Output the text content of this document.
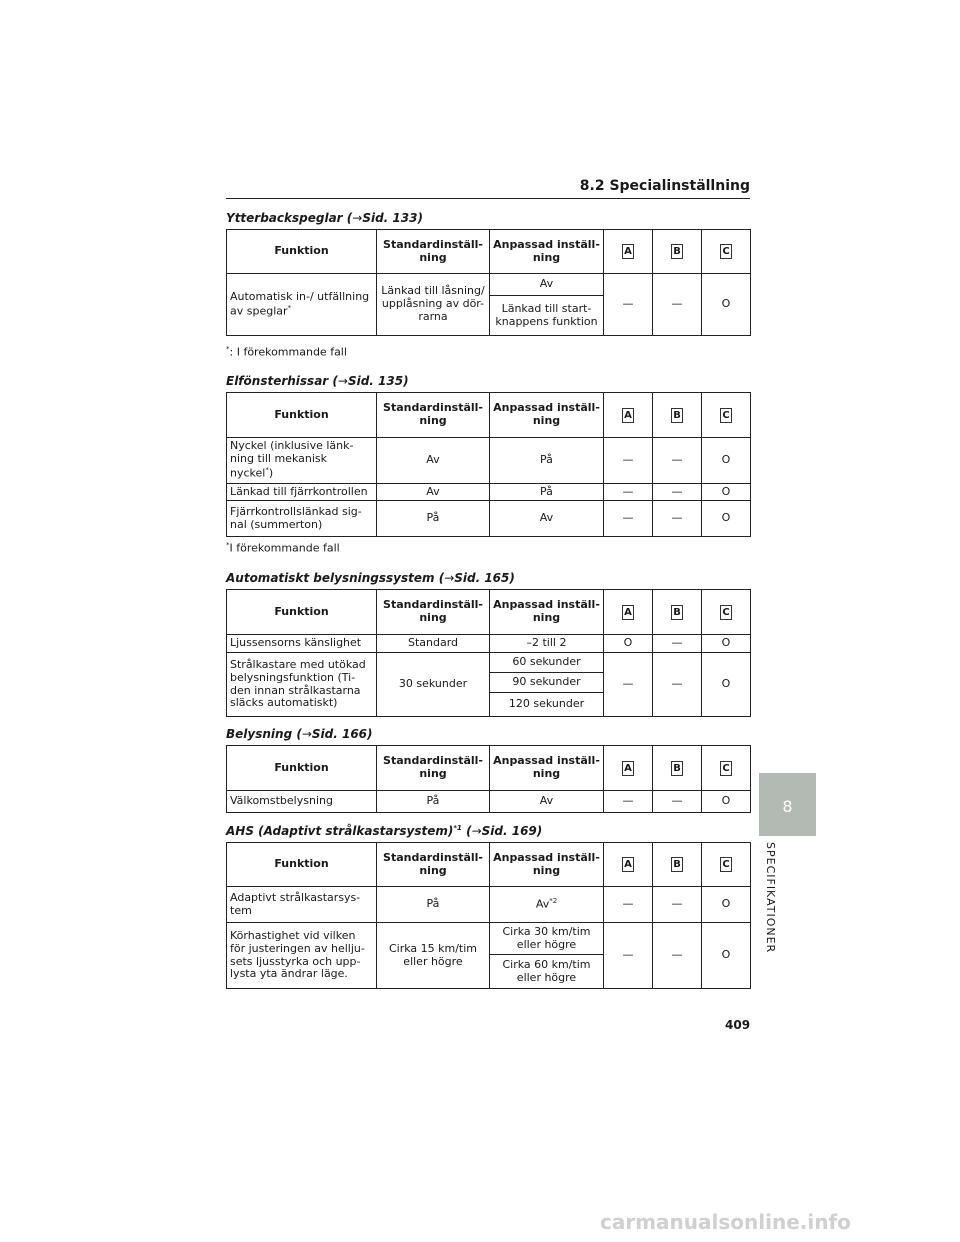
8.2 Specialinställning
Ytterbackspeglar (→Sid. 133)
Funktion	Standardinställ-ning	Anpassad inställ-ning	A	B	C
Automatisk in-/ utfällning av speglar*	Länkad till låsning/ upplåsning av dör-rarna	Av	—	—	O
		Länkad till start-knappens funktion			
*: I förekommande fall
Elfönsterhissar (→Sid. 135)
Funktion	Standardinställ-ning	Anpassad inställ-ning	A	B	C
Nyckel (inklusive länk-ning till mekanisk nyckel*)	Av	På	—	—	O
Länkad till fjärrkontrollen	Av	På	—	—	O
Fjärrkontrollslänkad sig-nal (summerton)	På	Av	—	—	O
*I förekommande fall
Automatiskt belysningssystem (→Sid. 165)
Funktion	Standardinställ-ning	Anpassad inställ-ning	A	B	C
Ljussensorns känslighet	Standard	–2 till 2	O	—	O
Strålkastare med utökad belysningsfunktion (Ti-den innan strålkastarna släcks automatiskt)	30 sekunder	60 sekunder	—	—	O
		90 sekunder			
		120 sekunder			
Belysning (→Sid. 166)
Funktion	Standardinställ-ning	Anpassad inställ-ning	A	B	C
Välkomstbelysning	På	Av	—	—	O
AHS (Adaptivt strålkastarsystem)$^{*1}$ (→Sid. 169)
Funktion	Standardinställ-ning	Anpassad inställ-ning	A	B	C
Adaptivt strålkastarsys-tem	På	Av$^{*2}$	—	—	O
Körhastighet vid vilken för justeringen av hellju-sets ljusstyrka och upp-lysta yta ändrar läge.	Cirka 15 km/tim eller högre	Cirka 30 km/tim eller högre	—	—	O
		Cirka 60 km/tim eller högre			
8
SPECIFIKATIONER
409
carmanualsonline.info
